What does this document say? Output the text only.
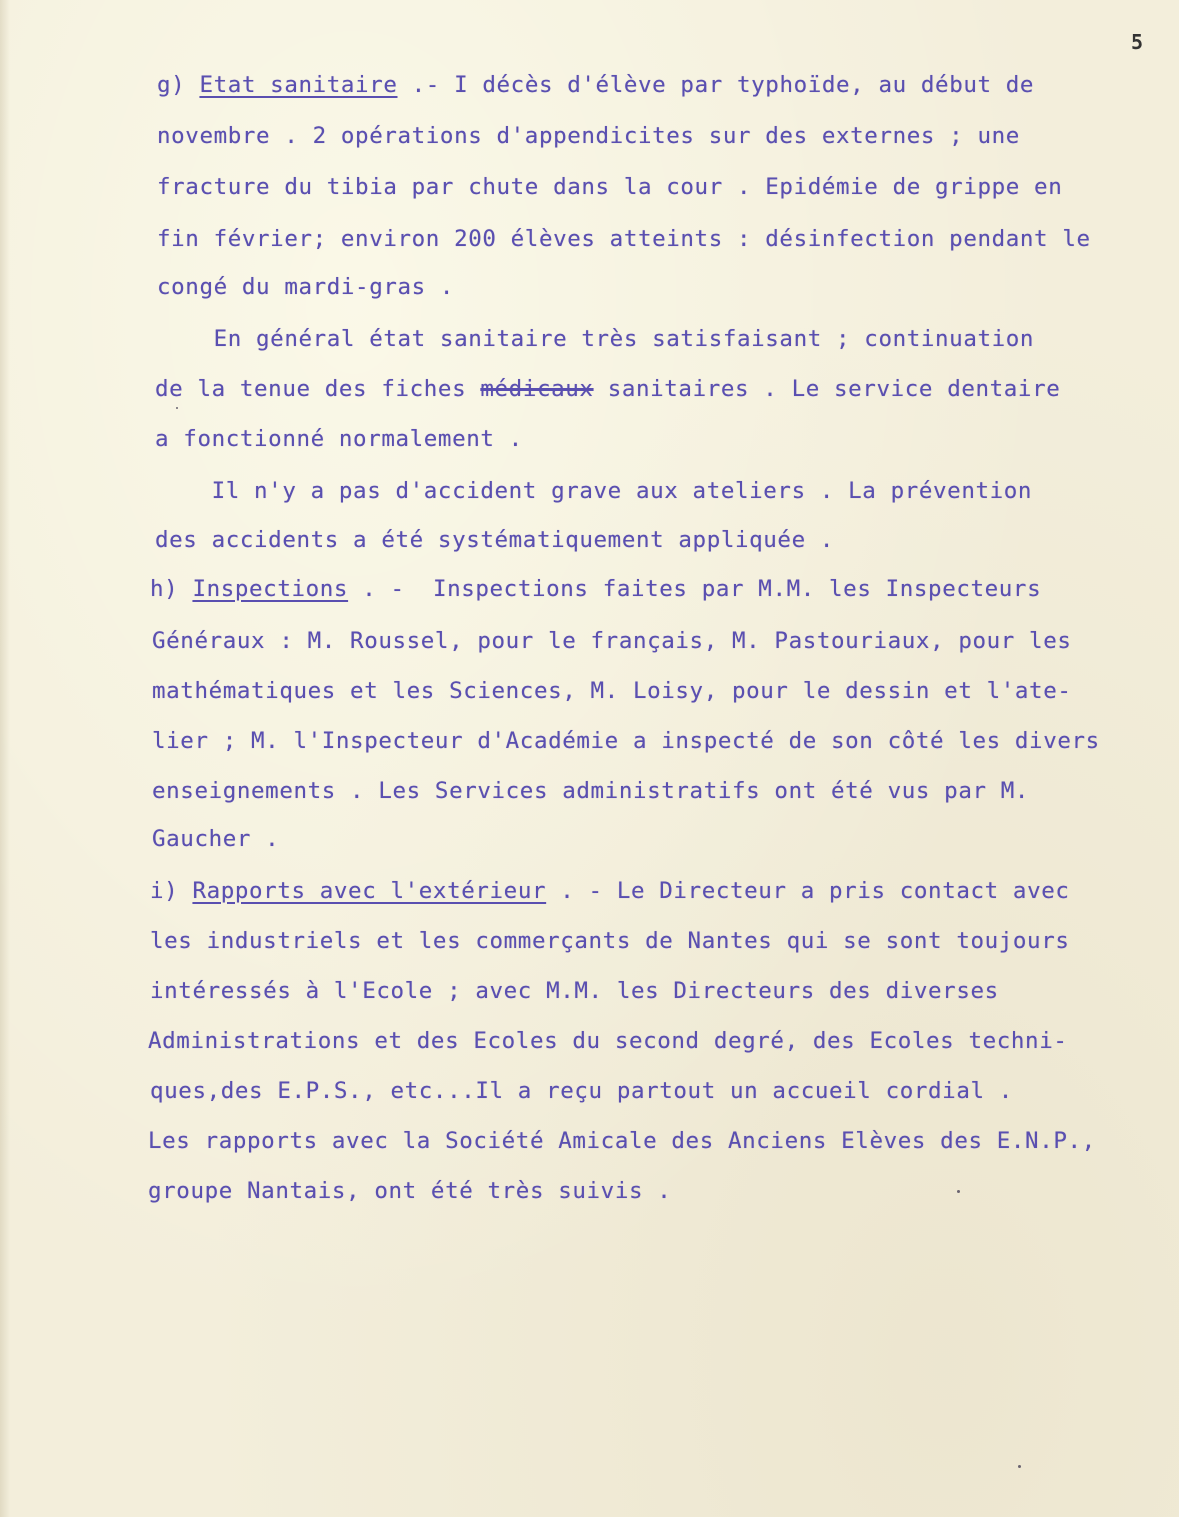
5
g) Etat sanitaire .- I décès d'élève par typhoïde, au début de
novembre . 2 opérations d'appendicites sur des externes ; une
fracture du tibia par chute dans la cour . Epidémie de grippe en
fin février; environ 200 élèves atteints : désinfection pendant le
congé du mardi-gras .
En général état sanitaire très satisfaisant ; continuation
de la tenue des fiches médicaux sanitaires . Le service dentaire
a fonctionné normalement .
Il n'y a pas d'accident grave aux ateliers . La prévention
des accidents a été systématiquement appliquée .
h) Inspections . -  Inspections faites par M.M. les Inspecteurs
Généraux : M. Roussel, pour le français, M. Pastouriaux, pour les
mathématiques et les Sciences, M. Loisy, pour le dessin et l'ate-
lier ; M. l'Inspecteur d'Académie a inspecté de son côté les divers
enseignements . Les Services administratifs ont été vus par M.
Gaucher .
i) Rapports avec l'extérieur . - Le Directeur a pris contact avec
les industriels et les commerçants de Nantes qui se sont toujours
intéressés à l'Ecole ; avec M.M. les Directeurs des diverses
Administrations et des Ecoles du second degré, des Ecoles techni-
ques,des E.P.S., etc...Il a reçu partout un accueil cordial .
Les rapports avec la Société Amicale des Anciens Elèves des E.N.P.,
groupe Nantais, ont été très suivis .
